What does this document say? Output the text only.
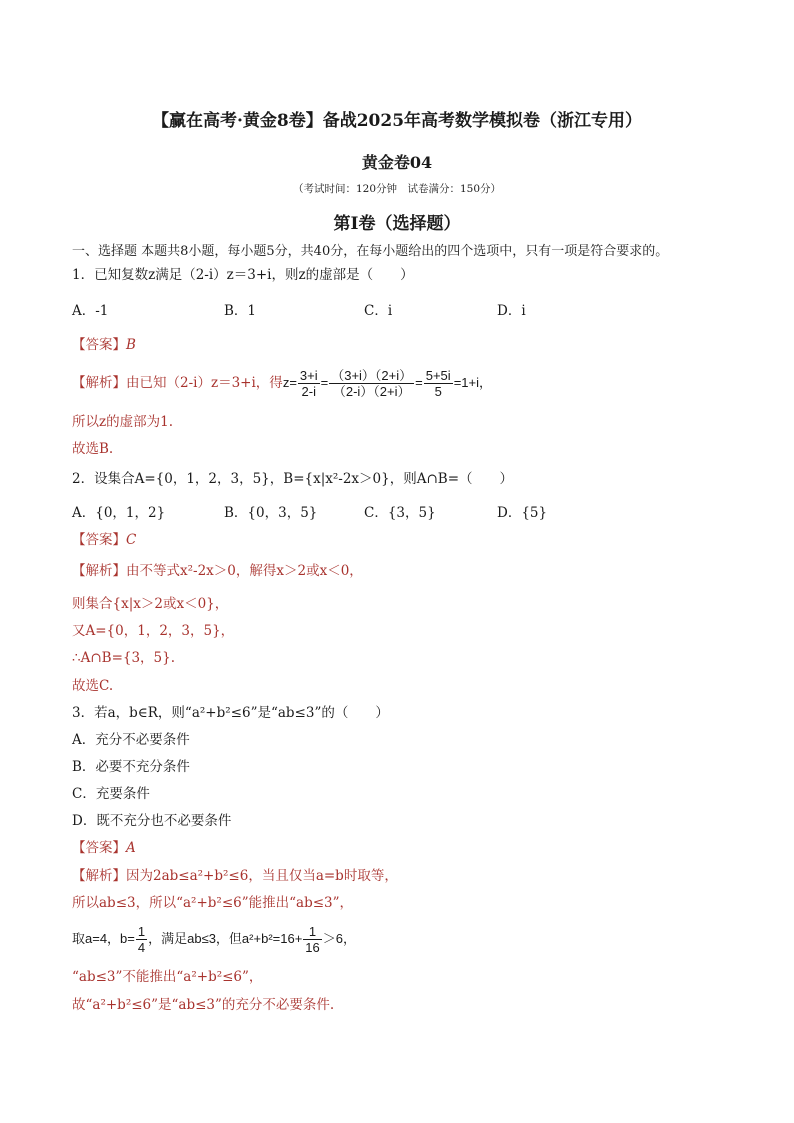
【赢在高考·黄金8卷】备战2025年高考数学模拟卷（浙江专用）
黄金卷04
（考试时间：120分钟　试卷满分：150分）
第I卷（选择题）
一、选择题 本题共8小题，每小题5分，共40分，在每小题给出的四个选项中，只有一项是符合要求的。
1．已知复数z满足（2-i）z＝3+i，则z的虚部是（　　）
A．-1	B．1	C．i	D．i
【答案】B
【解析】由已知（2-i）z＝3+i，得$z= \frac{3+i}{2-i} = \frac{(3+i)(2+i)}{(2-i)(2+i)} = \frac{5+5i}{5} =1+i$，
所以z的虚部为1.
故选B.
2．设集合A={0，1，2，3，5}，B={x|x²-2x＞0}，则A∩B=（　　）
A．{0，1，2}	B．{0，3，5}	C．{3，5}	D．{5}
【答案】C
【解析】由不等式x²-2x＞0，解得x＞2或x＜0，
则集合{x|x＞2或x＜0}，
又A={0，1，2，3，5}，
∴A∩B={3，5}.
故选C.
3．若a，b∈R，则“a²+b²≤6”是“ab≤3”的（　　）
A．充分不必要条件
B．必要不充分条件
C．充要条件
D．既不充分也不必要条件
【答案】A
【解析】因为2ab≤a²+b²≤6，当且仅当a=b时取等，
所以ab≤3，所以“a²+b²≤6”能推出“ab≤3”，
取a=4，$b= \frac{1}{4}$ ，满足ab≤3，但$a^2+b^2=16+ \frac{1}{16} >6$，
“ab≤3”不能推出“a²+b²≤6”，
故“a²+b²≤6”是“ab≤3”的充分不必要条件.
